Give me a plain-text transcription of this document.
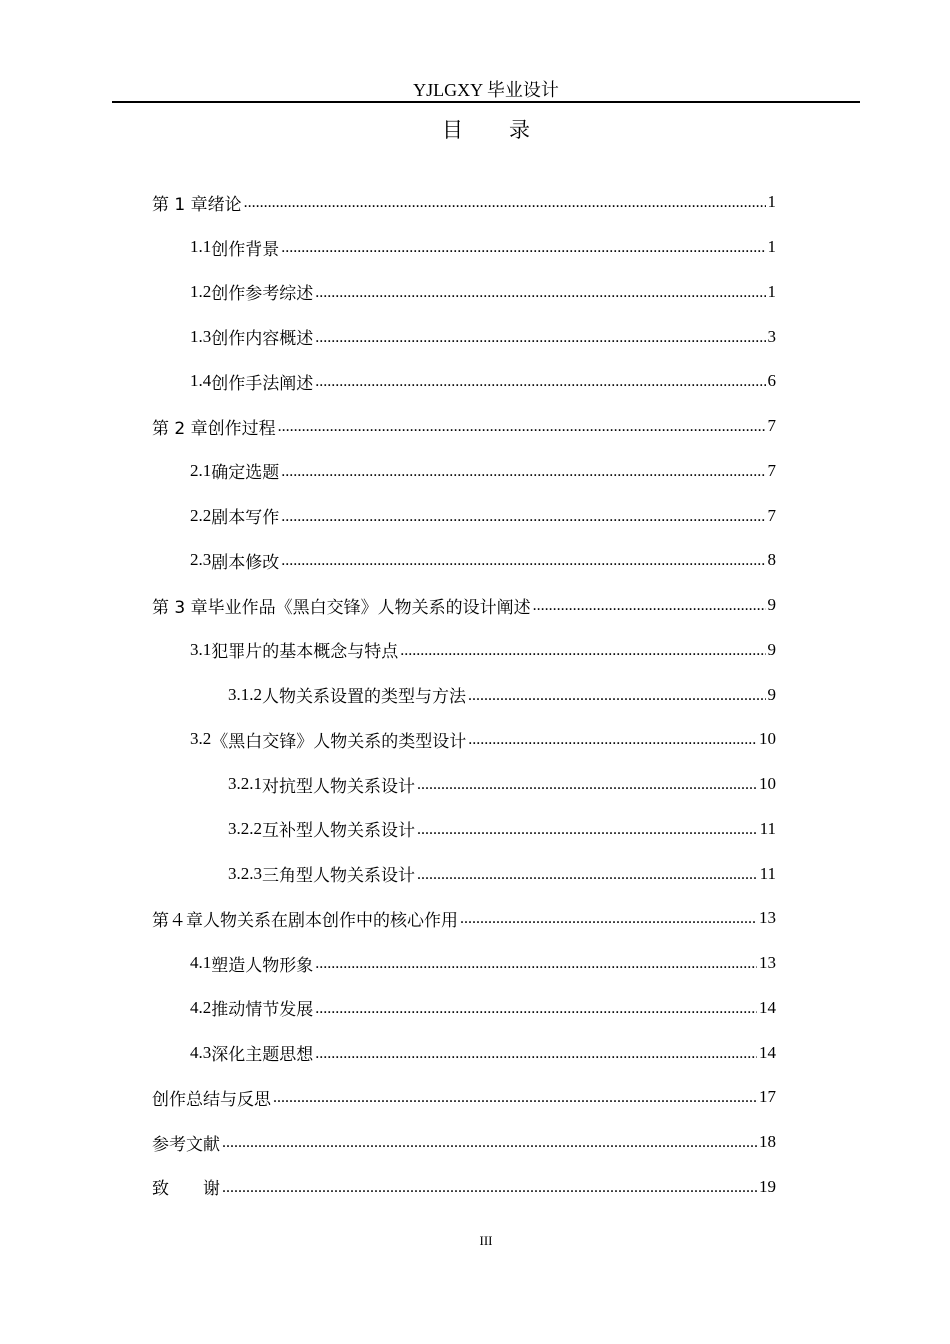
YJLGXY 毕业设计
目录
第 1 章 绪论 .....	1
1.1 创作背景 .....	1
1.2 创作参考综述 .....	1
1.3 创作内容概述 .....	3
1.4 创作手法阐述 .....	6
第 2 章 创作过程 .....	7
2.1 确定选题 .....	7
2.2 剧本写作 .....	7
2.3 剧本修改 .....	8
第 3 章 毕业作品《黑白交锋》人物关系的设计阐述 .....	9
3.1 犯罪片的基本概念与特点 .....	9
3.1.2 人物关系设置的类型与方法 .....	9
3.2 《黑白交锋》人物关系的类型设计 .....	10
3.2.1 对抗型人物关系设计 .....	10
3.2.2 互补型人物关系设计 .....	11
3.2.3 三角型人物关系设计 .....	11
第４章 人物关系在剧本创作中的核心作用 .....	13
4.1 塑造人物形象 .....	13
4.2 推动情节发展 .....	14
4.3 深化主题思想 .....	14
创作总结与反思 .....	17
参考文献 .....	18
致　　谢 .....	19
III
